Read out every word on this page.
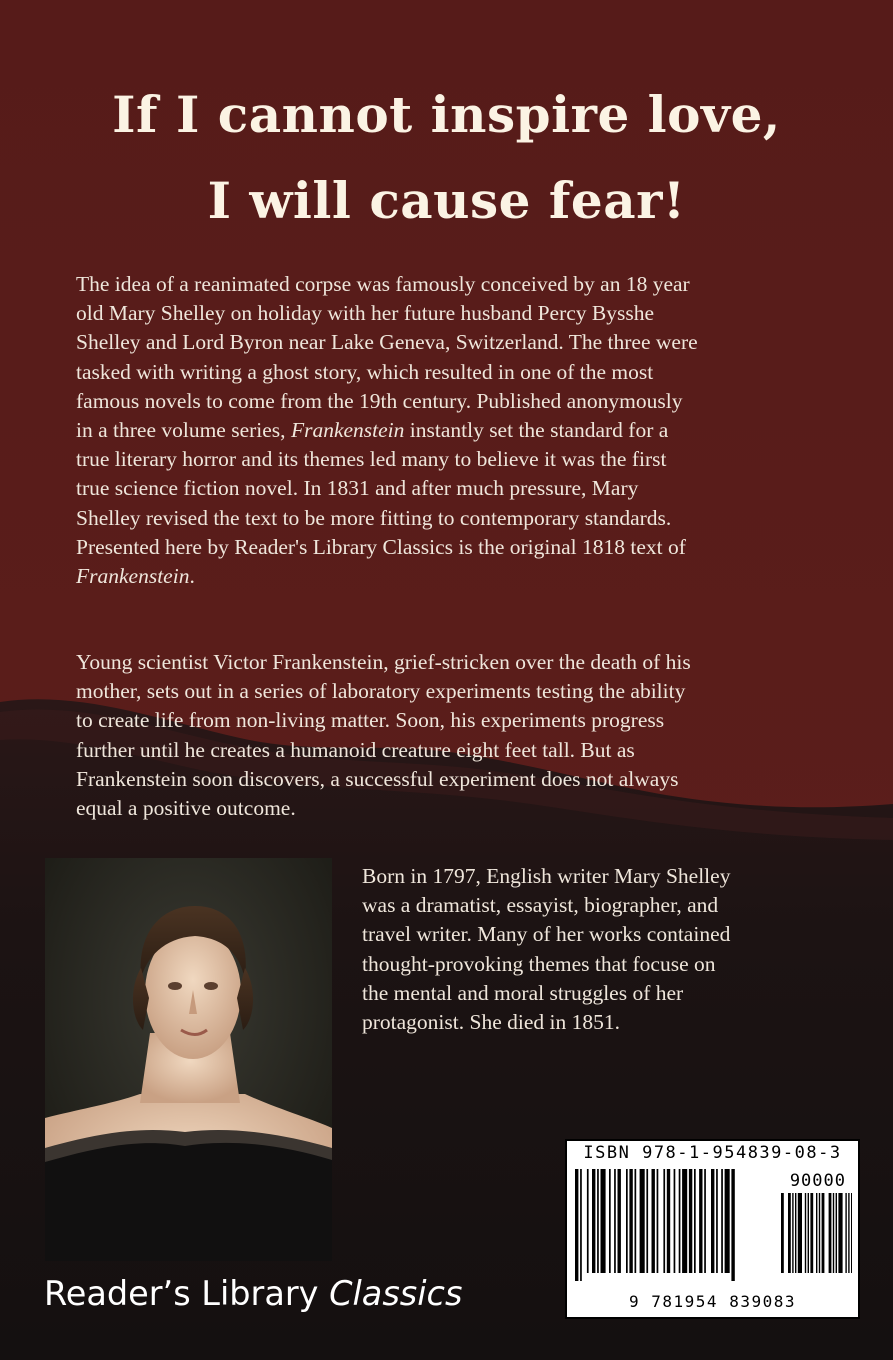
If I cannot inspire love,
I will cause fear!
The idea of a reanimated corpse was famously conceived by an 18 year
old Mary Shelley on holiday with her future husband Percy Bysshe
Shelley and Lord Byron near Lake Geneva, Switzerland. The three were
tasked with writing a ghost story, which resulted in one of the most
famous novels to come from the 19th century. Published anonymously
in a three volume series, Frankenstein instantly set the standard for a
true literary horror and its themes led many to believe it was the first
true science fiction novel. In 1831 and after much pressure, Mary
Shelley revised the text to be more fitting to contemporary standards.
Presented here by Reader's Library Classics is the original 1818 text of
Frankenstein.
Young scientist Victor Frankenstein, grief-stricken over the death of his
mother, sets out in a series of laboratory experiments testing the ability
to create life from non-living matter. Soon, his experiments progress
further until he creates a humanoid creature eight feet tall. But as
Frankenstein soon discovers, a successful experiment does not always
equal a positive outcome.
Born in 1797, English writer Mary Shelley
was a dramatist, essayist, biographer, and
travel writer. Many of her works contained
thought-provoking themes that focuse on
the mental and moral struggles of her
protagonist. She died in 1851.
Reader’s Library Classics
ISBN 978-1-954839-08-3
90000
9 781954 839083
